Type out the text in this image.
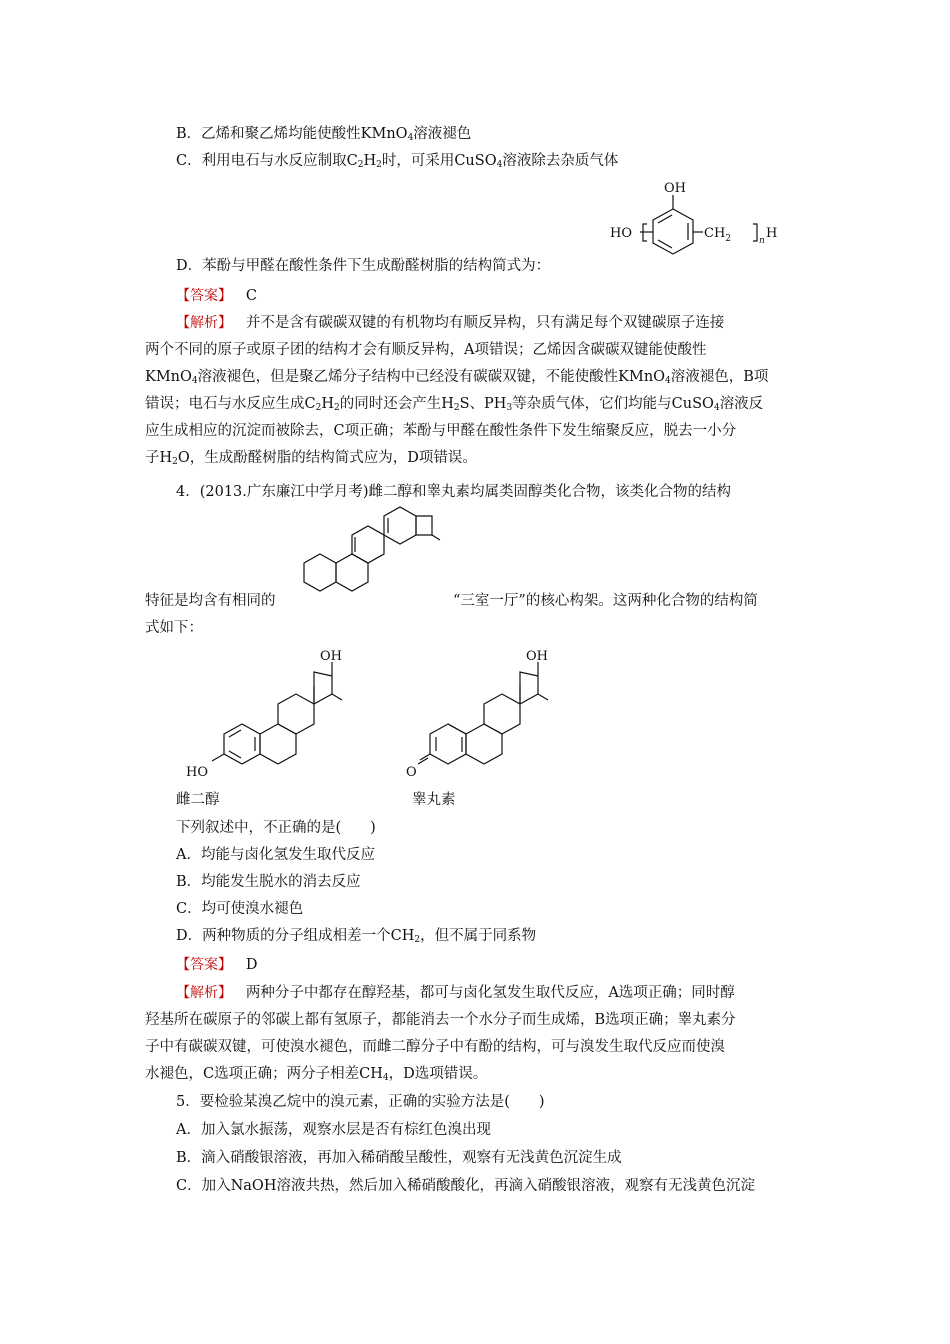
B．乙烯和聚乙烯均能使酸性KMnO$_4$溶液褪色
C．利用电石与水反应制取$C_2H_2$时，可采用CuSO$_4$溶液除去杂质气体
OH
HO	$CH_2$	n H
D．苯酚与甲醛在酸性条件下生成酚醛树脂的结构简式为：
【答案】 C
【解析】 并不是含有碳碳双键的有机物均有顺反异构，只有满足每个双键碳原子连接
两个不同的原子或原子团的结构才会有顺反异构，A项错误；乙烯因含碳碳双键能使酸性
KMnO$_4$溶液褪色，但是聚乙烯分子结构中已经没有碳碳双键，不能使酸性KMnO$_4$溶液褪色，B项
错误；电石与水反应生成$C_2H_2$的同时还会产生$H_2S$、$PH_3$等杂质气体，它们均能与CuSO$_4$溶液反
应生成相应的沉淀而被除去，C项正确；苯酚与甲醛在酸性条件下发生缩聚反应，脱去一小分
子$H_2O$，生成酚醛树脂的结构简式应为，D项错误。
4．(2013.广东廉江中学月考)雌二醇和睾丸素均属类固醇类化合物，该类化合物的结构
特征是均含有相同的	“三室一厅”的核心构架。这两种化合物的结构简
式如下：
OH
HO
OH
O
雌二醇	睾丸素
下列叙述中，不正确的是(　　)
A．均能与卤化氢发生取代反应
B．均能发生脱水的消去反应
C．均可使溴水褪色
D．两种物质的分子组成相差一个$CH_2$，但不属于同系物
【答案】 D
【解析】 两种分子中都存在醇羟基，都可与卤化氢发生取代反应，A选项正确；同时醇
羟基所在碳原子的邻碳上都有氢原子，都能消去一个水分子而生成烯，B选项正确；睾丸素分
子中有碳碳双键，可使溴水褪色，而雌二醇分子中有酚的结构，可与溴发生取代反应而使溴
水褪色，C选项正确；两分子相差$CH_4$，D选项错误。
5．要检验某溴乙烷中的溴元素，正确的实验方法是(　　)
A．加入氯水振荡，观察水层是否有棕红色溴出现
B．滴入硝酸银溶液，再加入稀硝酸呈酸性，观察有无浅黄色沉淀生成
C．加入NaOH溶液共热，然后加入稀硝酸酸化，再滴入硝酸银溶液，观察有无浅黄色沉淀
